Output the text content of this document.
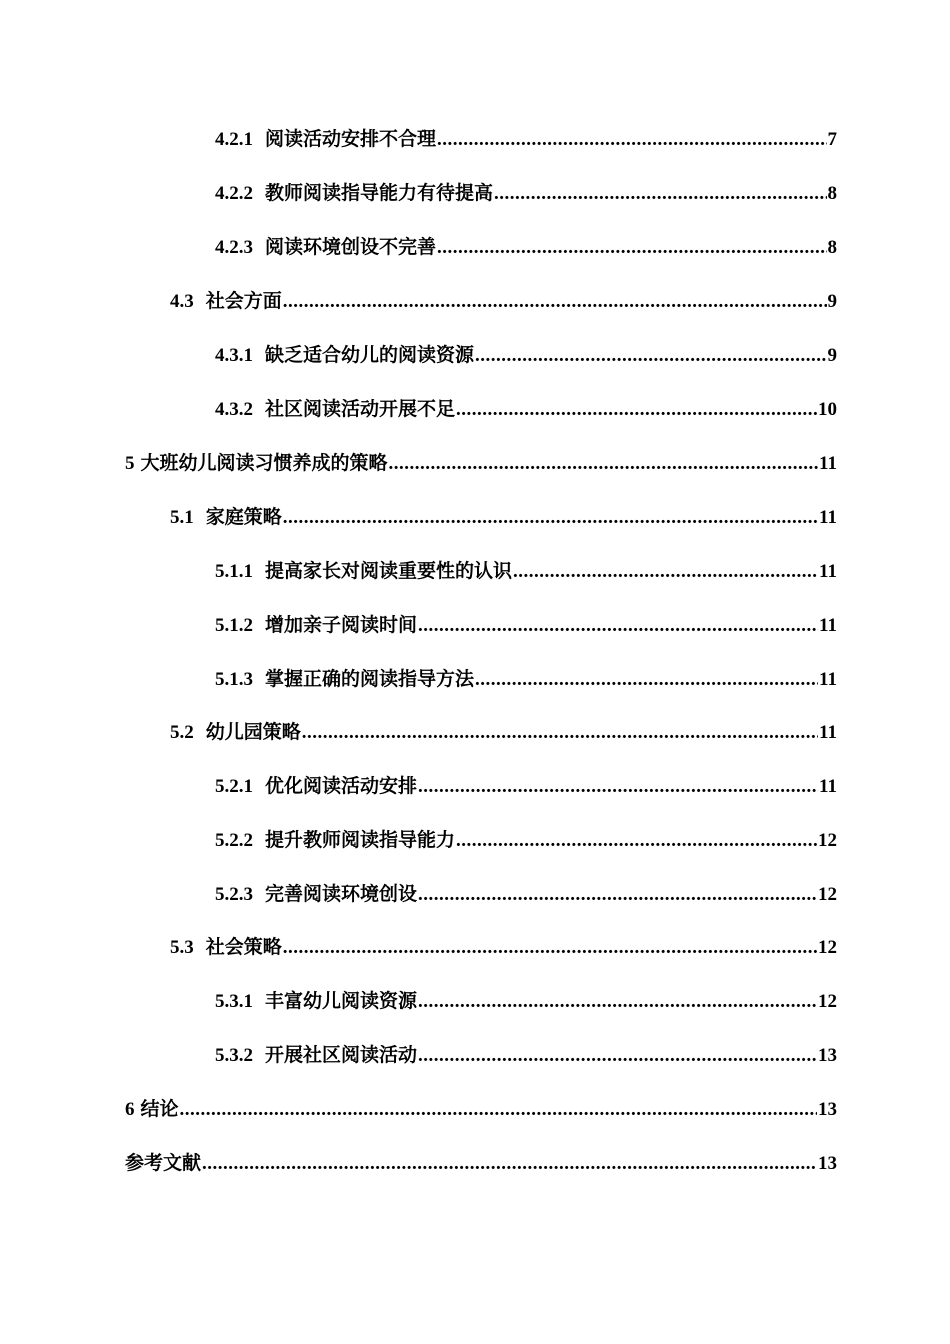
4.2.1 阅读活动安排不合理 .....	7
4.2.2 教师阅读指导能力有待提高 .....	8
4.2.3 阅读环境创设不完善 .....	8
4.3 社会方面 .....	9
4.3.1 缺乏适合幼儿的阅读资源 .....	9
4.3.2 社区阅读活动开展不足 .....	10
5 大班幼儿阅读习惯养成的策略 .....	11
5.1 家庭策略 .....	11
5.1.1 提高家长对阅读重要性的认识 .....	11
5.1.2 增加亲子阅读时间 .....	11
5.1.3 掌握正确的阅读指导方法 .....	11
5.2 幼儿园策略 .....	11
5.2.1 优化阅读活动安排 .....	11
5.2.2 提升教师阅读指导能力 .....	12
5.2.3 完善阅读环境创设 .....	12
5.3 社会策略 .....	12
5.3.1 丰富幼儿阅读资源 .....	12
5.3.2 开展社区阅读活动 .....	13
6 结论 .....	13
参考文献 .....	13
